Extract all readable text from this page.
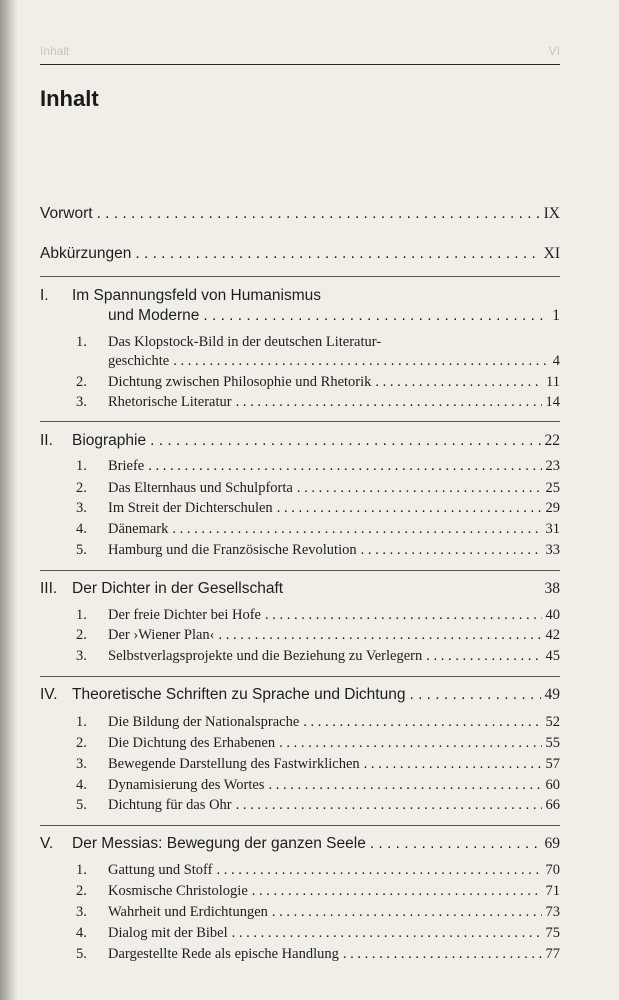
Inhalt	VI
Inhalt
Vorwort . . .	IX
Abkürzungen . . .	XI
I. Im Spannungsfeld von Humanismus
und Moderne . . .	1
1. Das Klopstock-Bild in der deutschen Literatur-
geschichte . . .	4
2. Dichtung zwischen Philosophie und Rhetorik . . .	11
3. Rhetorische Literatur . . .	14
II. Biographie . . .	22
1. Briefe . . .	23
2. Das Elternhaus und Schulpforta . . .	25
3. Im Streit der Dichterschulen . . .	29
4. Dänemark . . .	31
5. Hamburg und die Französische Revolution . . .	33
III. Der Dichter in der Gesellschaft	38
1. Der freie Dichter bei Hofe . . .	40
2. Der ›Wiener Plan‹ . . .	42
3. Selbstverlagsprojekte und die Beziehung zu Verlegern . . .	45
IV. Theoretische Schriften zu Sprache und Dichtung . . .	49
1. Die Bildung der Nationalsprache . . .	52
2. Die Dichtung des Erhabenen . . .	55
3. Bewegende Darstellung des Fastwirklichen . . .	57
4. Dynamisierung des Wortes . . .	60
5. Dichtung für das Ohr . . .	66
V. Der Messias: Bewegung der ganzen Seele . . .	69
1. Gattung und Stoff . . .	70
2. Kosmische Christologie . . .	71
3. Wahrheit und Erdichtungen . . .	73
4. Dialog mit der Bibel . . .	75
5. Dargestellte Rede als epische Handlung . . .	77
